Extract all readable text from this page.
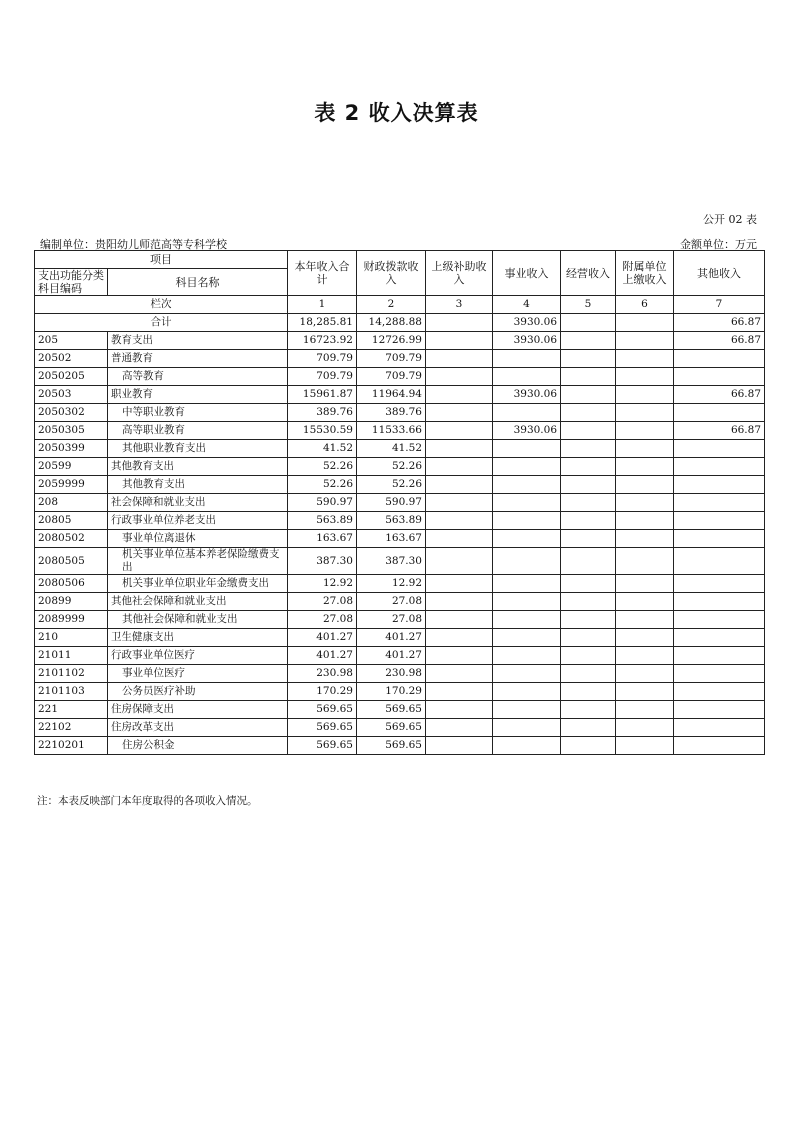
表 2 收入决算表
公开 02 表
编制单位：贵阳幼儿师范高等专科学校	金额单位：万元
项目		本年收入合计	财政拨款收入	上级补助收入	事业收入	经营收入	附属单位上缴收入	其他收入
支出功能分类科目编码	科目名称							
栏次		1	2	3	4	5	6	7
合计		18,285.81	14,288.88		3930.06			66.87
205	教育支出	16723.92	12726.99		3930.06			66.87
20502	普通教育	709.79	709.79					
2050205	高等教育	709.79	709.79					
20503	职业教育	15961.87	11964.94		3930.06			66.87
2050302	中等职业教育	389.76	389.76					
2050305	高等职业教育	15530.59	11533.66		3930.06			66.87
2050399	其他职业教育支出	41.52	41.52					
20599	其他教育支出	52.26	52.26					
2059999	其他教育支出	52.26	52.26					
208	社会保障和就业支出	590.97	590.97					
20805	行政事业单位养老支出	563.89	563.89					
2080502	事业单位离退休	163.67	163.67					
2080505	机关事业单位基本养老保险缴费支出	387.30	387.30					
2080506	机关事业单位职业年金缴费支出	12.92	12.92					
20899	其他社会保障和就业支出	27.08	27.08					
2089999	其他社会保障和就业支出	27.08	27.08					
210	卫生健康支出	401.27	401.27					
21011	行政事业单位医疗	401.27	401.27					
2101102	事业单位医疗	230.98	230.98					
2101103	公务员医疗补助	170.29	170.29					
221	住房保障支出	569.65	569.65					
22102	住房改革支出	569.65	569.65					
2210201	住房公积金	569.65	569.65					
注：本表反映部门本年度取得的各项收入情况。
